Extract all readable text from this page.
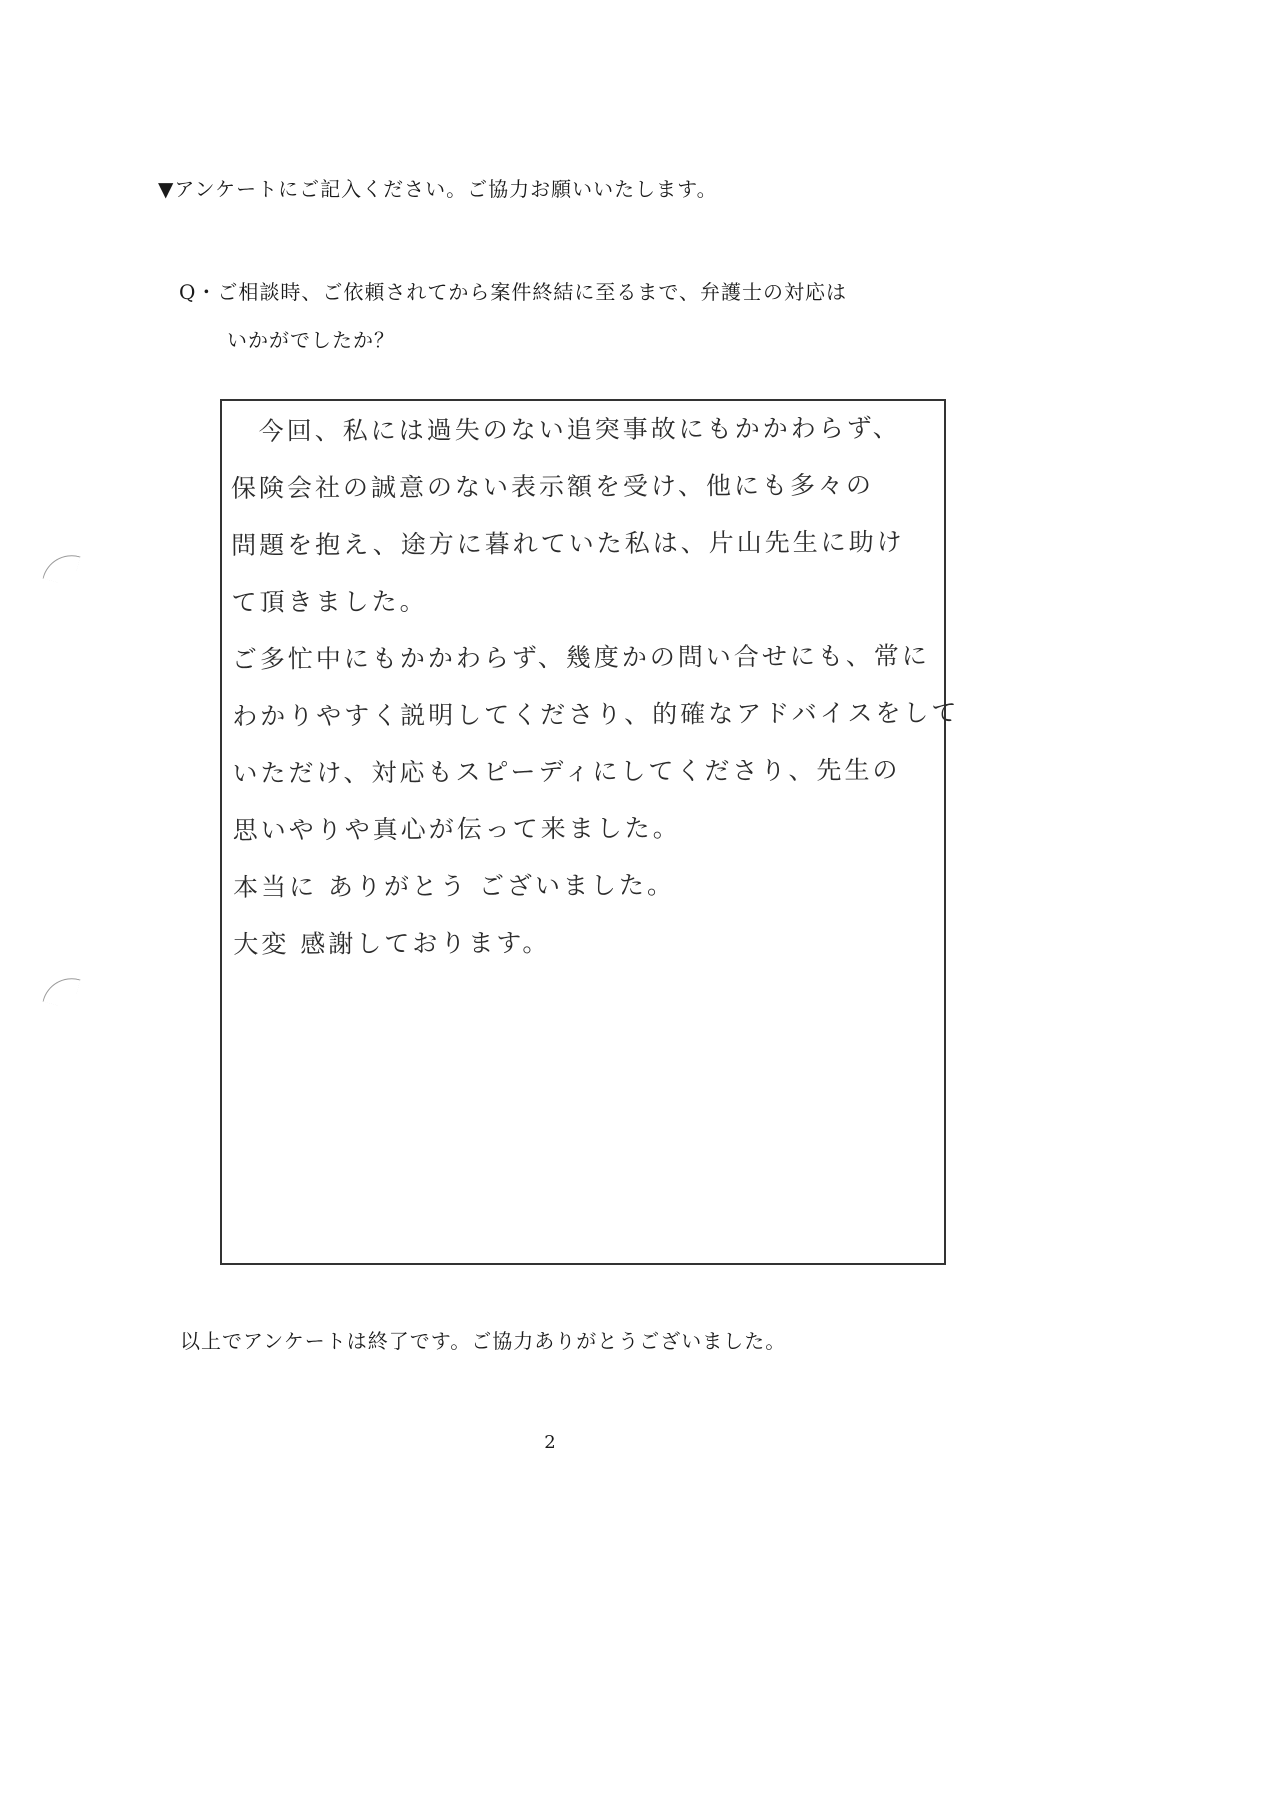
▼アンケートにご記入ください。ご協力お願いいたします。
Q・ご相談時、ご依頼されてから案件終結に至るまで、弁護士の対応は
いかがでしたか？
今回、私には過失のない追突事故にもかかわらず、
保険会社の誠意のない表示額を受け、他にも多々の
問題を抱え、途方に暮れていた私は、片山先生に助け
て頂きました。
ご多忙中にもかかわらず、幾度かの問い合せにも、常に
わかりやすく説明してくださり、的確なアドバイスをして
いただけ、対応もスピーディにしてくださり、先生の
思いやりや真心が伝って来ました。
本当に ありがとう ございました。
大変 感謝しております。
以上でアンケートは終了です。ご協力ありがとうございました。
2
